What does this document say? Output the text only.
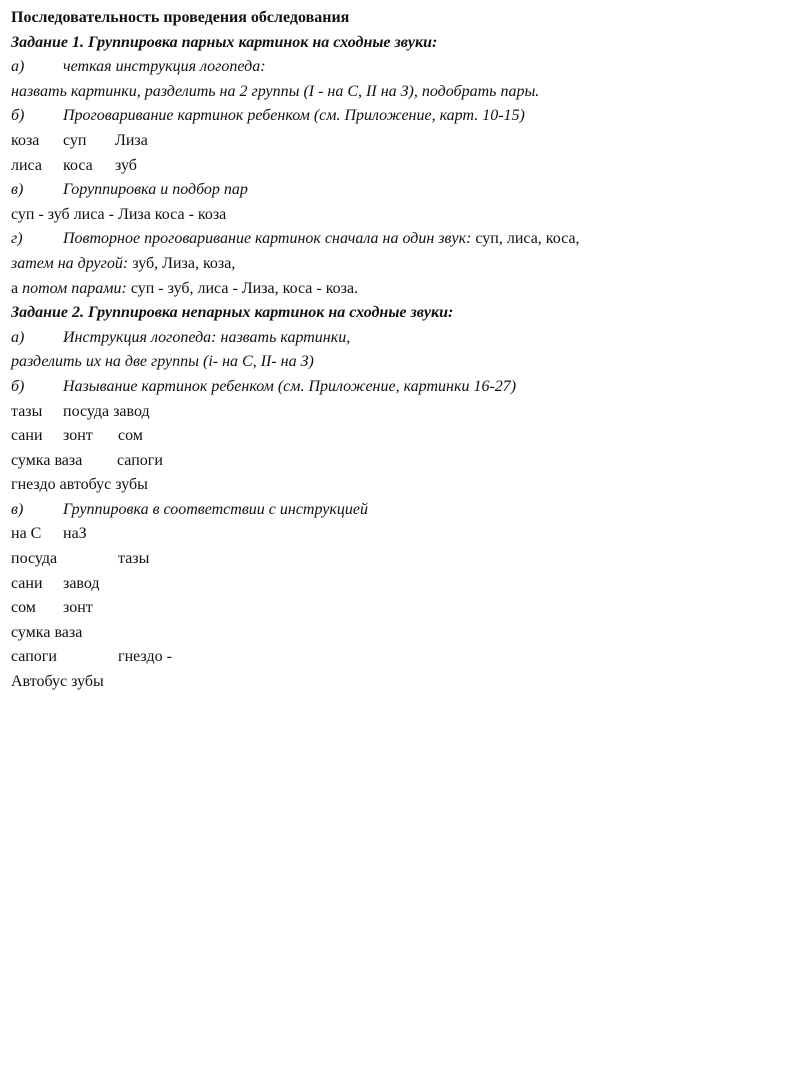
Последовательность проведения обследования
Задание 1. Группировка парных картинок на сходные звуки:
а) четкая инструкция логопеда:
назвать картинки, разделить на 2 группы (I - на С, II на З), подобрать пары.
б) Проговаривание картинок ребенком (см. Приложение, карт. 10-15)
коза суп Лиза
лиса коса зуб
в) Горуппировка и подбор пар
суп - зуб лиса - Лиза коса - коза
г)	Повторное проговаривание картинок сначала на один звук: суп, лиса, коса,
затем на другой: зуб, Лиза, коза,
а потом парами: суп - зуб, лиса - Лиза, коса - коза.
Задание 2. Группировка непарных картинок на сходные звуки:
а) Инструкция логопеда: назвать картинки,
разделить их на две группы (i- на С, II- на З)
б) Называние картинок ребенком (см. Приложение, картинки 16-27)
тазы посуда завод
сани зонт сом
сумка ваза сапоги
гнездо автобус зубы
в) Группировка в соответствии с инструкцией
на С наЗ
посуда	тазы
сани завод
сом зонт
сумка ваза
сапоги	гнездо -
Автобус зубы
